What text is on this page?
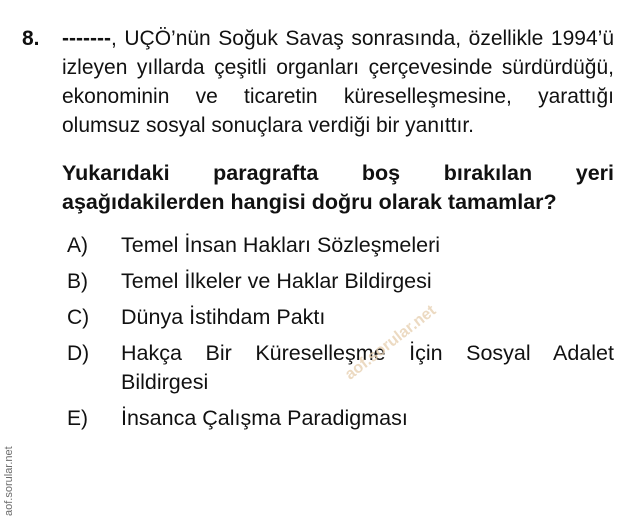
8.	-------, UÇÖ’nün Soğuk Savaş sonrasında, özellikle 1994’ü izleyen yıllarda çeşitli organları çerçevesinde sürdürdüğü, ekonominin ve ticaretin küreselleşmesine, yarattığı olumsuz sosyal sonuçlara verdiği bir yanıttır.

Yukarıdaki paragrafta boş bırakılan yeri aşağıdakilerden hangisi doğru olarak tamamlar?
A)	Temel İnsan Hakları Sözleşmeleri
B)	Temel İlkeler ve Haklar Bildirgesi
C)	Dünya İstihdam Paktı
D)	Hakça Bir Küreselleşme İçin Sosyal Adalet Bildirgesi
E)	İnsanca Çalışma Paradigması
aof.sorular.net
aof.sorular.net
